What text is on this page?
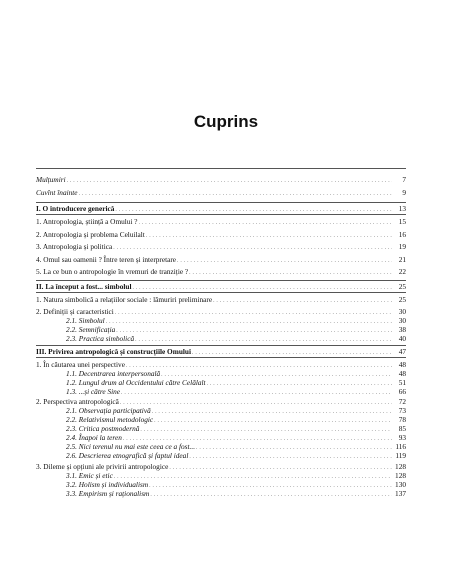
Cuprins
Mulțumiri . . .	7
Cuvînt înainte . . .	9
I. O introducere generică . . .	13
1. Antropologia, știință a Omului ? . . .	15
2. Antropologia și problema Celuilalt . . .	16
3. Antropologia și politica . . .	19
4. Omul sau oamenii ? Între teren și interpretare . . .	21
5. La ce bun o antropologie în vremuri de tranziție ? . . .	22
II. La început a fost... simbolul . . .	25
1. Natura simbolică a relațiilor sociale : lămuriri preliminare . . .	25
2. Definiții și caracteristici . . .	30
2.1. Simbolul . . .	30
2.2. Semnificația . . .	38
2.3. Practica simbolică . . .	40
III. Privirea antropologică și construcțiile Omului . . .	47
1. În căutarea unei perspective . . .	48
1.1. Decentrarea interpersonală . . .	48
1.2. Lungul drum al Occidentului către Celălalt . . .	51
1.3. ...și către Sine . . .	66
2. Perspectiva antropologică . . .	72
2.1. Observația participativă . . .	73
2.2. Relativismul metodologic . . .	78
2.3. Critica postmodernă . . .	85
2.4. Înapoi la teren . . .	93
2.5. Nici terenul nu mai este ceea ce a fost... . . .	116
2.6. Descrierea etnografică și faptul ideal . . .	119
3. Dileme și opțiuni ale privirii antropologice . . .	128
3.1. Emic și etic . . .	128
3.2. Holism și individualism . . .	130
3.3. Empirism și raționalism . . .	137
